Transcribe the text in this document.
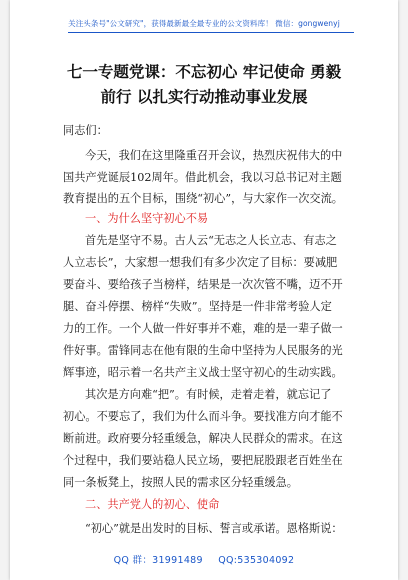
关注头条号"公文研究"，获得最新最全最专业的公文资料库！ 微信：gongwenyj
七一专题党课：不忘初心 牢记使命 勇毅
前行 以扎实行动推动事业发展
同志们：
今天，我们在这里隆重召开会议，热烈庆祝伟大的中
国共产党诞辰102周年。借此机会，我以习总书记对主题
教育提出的五个目标，围绕“初心”，与大家作一次交流。
一、为什么坚守初心不易
首先是坚守不易。古人云“无志之人长立志、有志之
人立志长”，大家想一想我们有多少次定了目标：要减肥
要奋斗、要给孩子当榜样，结果是一次次管不嘴，迈不开
腿、奋斗停摆、榜样“失败”。坚持是一件非常考验人定
力的工作。一个人做一件好事并不难，难的是一辈子做一
件好事。雷锋同志在他有限的生命中坚持为人民服务的光
辉事迹，昭示着一名共产主义战士坚守初心的生动实践。
其次是方向难“把”。有时候，走着走着，就忘记了
初心。不要忘了，我们为什么而斗争。要找准方向才能不
断前进。政府要分轻重缓急，解决人民群众的需求。在这
个过程中，我们要站稳人民立场，要把屁股跟老百姓坐在
同一条板凳上，按照人民的需求区分轻重缓急。
二、共产党人的初心、使命
“初心”就是出发时的目标、誓言或承诺。恩格斯说：
QQ 群：31991489 QQ:535304092
